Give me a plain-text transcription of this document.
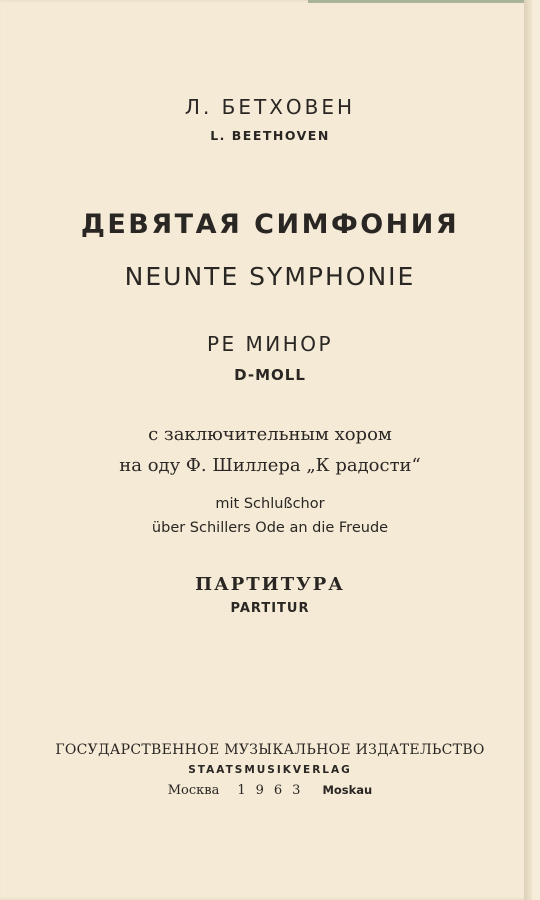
Л. БЕТХОВЕН
L. BEETHOVEN
ДЕВЯТАЯ СИМФОНИЯ
NEUNTE SYMPHONIE
РЕ МИНОР
D-MOLL
с заключительным хором
на оду Ф. Шиллера „К радости“
mit Schlußchor
über Schillers Ode an die Freude
ПАРТИТУРА
PARTITUR
ГОСУДАРСТВЕННОЕ МУЗЫКАЛЬНОЕ ИЗДАТЕЛЬСТВО
STAATSMUSIKVERLAG
Москва 1963 Moskau
